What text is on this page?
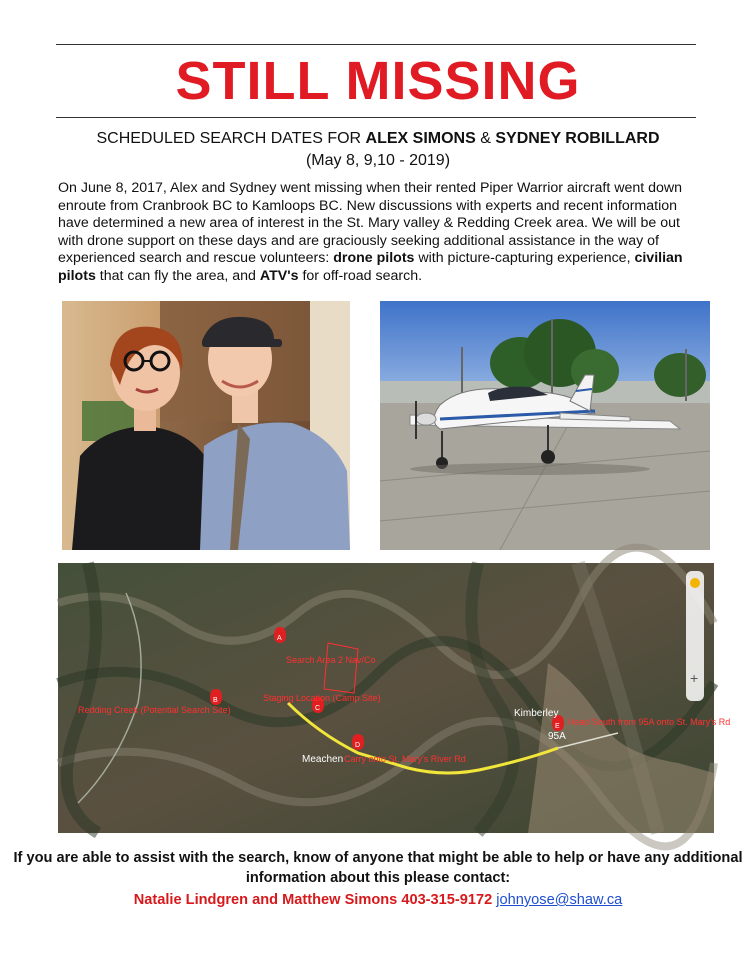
STILL MISSING
SCHEDULED SEARCH DATES FOR ALEX SIMONS & SYDNEY ROBILLARD
(May 8, 9,10 - 2019)
On June 8, 2017, Alex and Sydney went missing when their rented Piper Warrior aircraft went down enroute from Cranbrook BC to Kamloops BC. New discussions with experts and recent information have determined a new area of interest in the St. Mary valley & Redding Creek area. We will be out with drone support on these days and are graciously seeking additional assistance in the way of experienced search and rescue volunteers: drone pilots with picture-capturing experience, civilian pilots that can fly the area, and ATV's for off-road search.
+
A
B
C
D
E
Search Area 2 Nav/Co
Staging Location (Camp Site)
Redding Creek (Potential Search Site)
Meachen Carry onto St. Mary's River Rd
Kimberley
Head South from 95A onto St. Mary's Rd
95A
If you are able to assist with the search, know of anyone that might be able to help or have any additional information about this please contact:
Natalie Lindgren and Matthew Simons 403-315-9172 johnyose@shaw.ca
